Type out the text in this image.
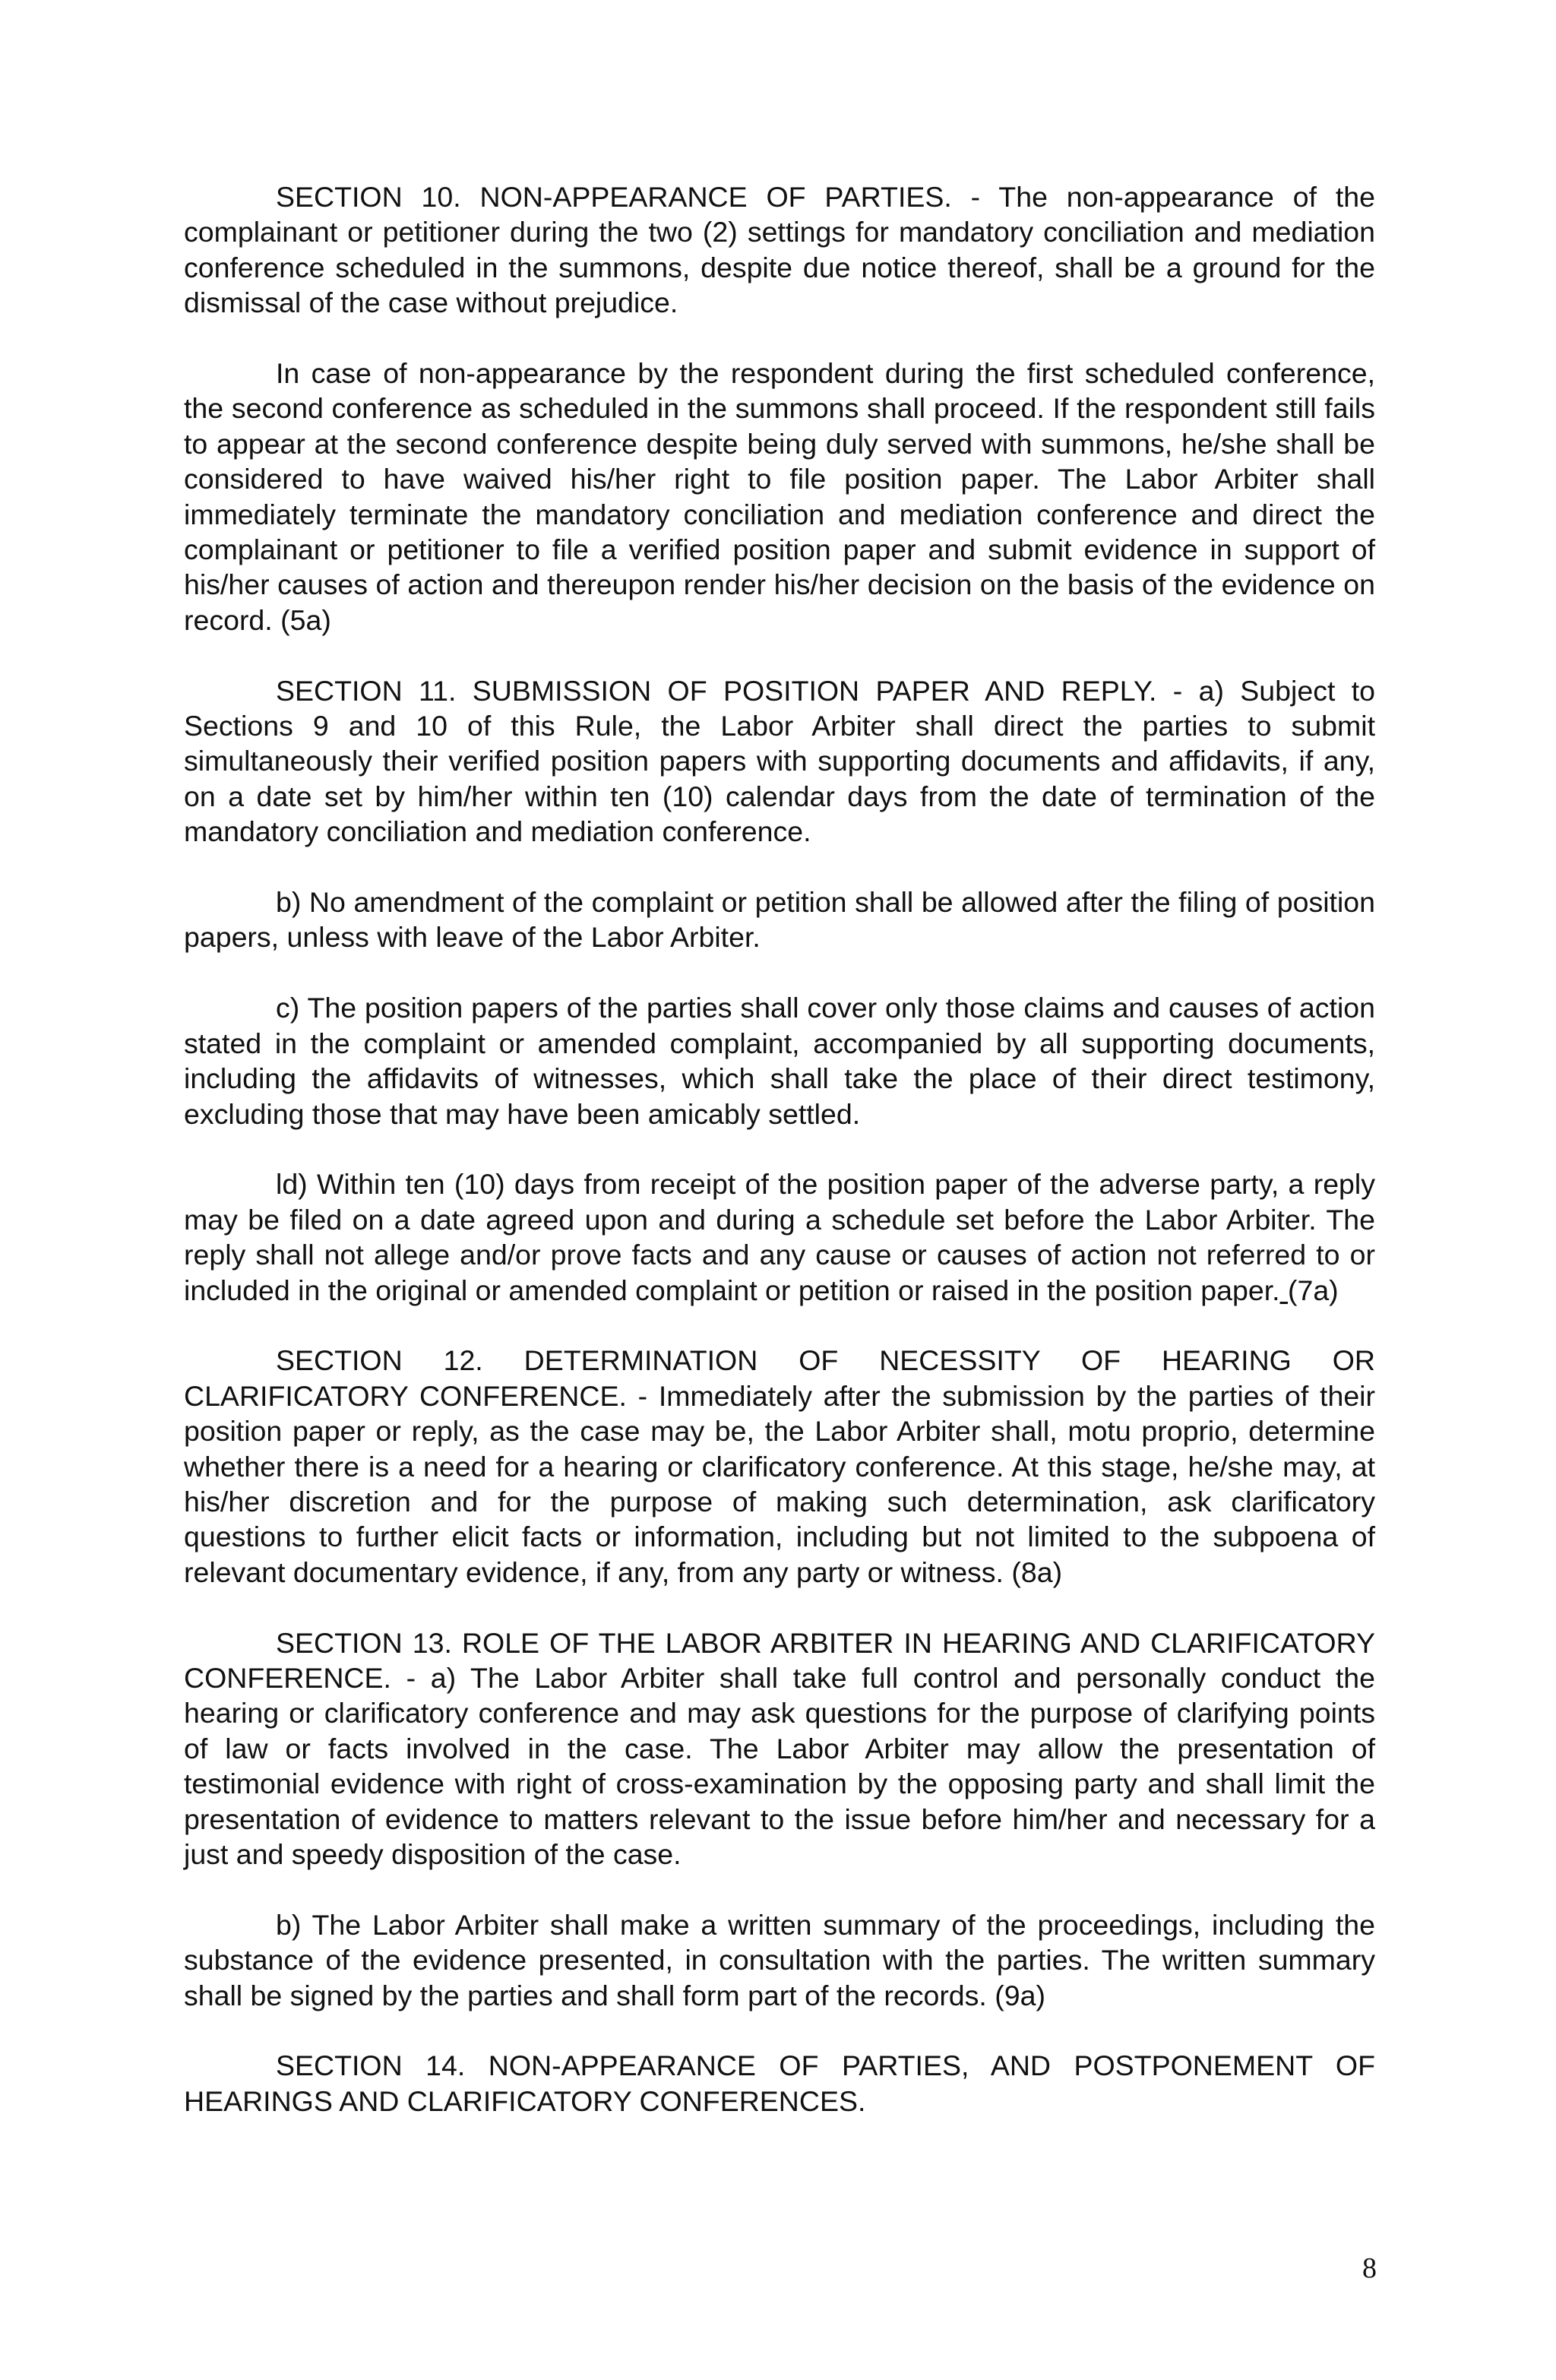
SECTION 10. NON-APPEARANCE OF PARTIES. - The non-appearance of the complainant or petitioner during the two (2) settings for mandatory conciliation and mediation conference scheduled in the summons, despite due notice thereof, shall be a ground for the dismissal of the case without prejudice.

In case of non-appearance by the respondent during the first scheduled conference, the second conference as scheduled in the summons shall proceed. If the respondent still fails to appear at the second conference despite being duly served with summons, he/she shall be considered to have waived his/her right to file position paper. The Labor Arbiter shall immediately terminate the mandatory conciliation and mediation conference and direct the complainant or petitioner to file a verified position paper and submit evidence in support of his/her causes of action and thereupon render his/her decision on the basis of the evidence on record. (5a)

SECTION 11. SUBMISSION OF POSITION PAPER AND REPLY. - a) Subject to Sections 9 and 10 of this Rule, the Labor Arbiter shall direct the parties to submit simultaneously their verified position papers with supporting documents and affidavits, if any, on a date set by him/her within ten (10) calendar days from the date of termination of the mandatory conciliation and mediation conference.

b) No amendment of the complaint or petition shall be allowed after the filing of position papers, unless with leave of the Labor Arbiter.

c) The position papers of the parties shall cover only those claims and causes of action stated in the complaint or amended complaint, accompanied by all supporting documents, including the affidavits of witnesses, which shall take the place of their direct testimony, excluding those that may have been amicably settled.

ld) Within ten (10) days from receipt of the position paper of the adverse party, a reply may be filed on a date agreed upon and during a schedule set before the Labor Arbiter. The reply shall not allege and/or prove facts and any cause or causes of action not referred to or included in the original or amended complaint or petition or raised in the position paper. (7a)

SECTION 12. DETERMINATION OF NECESSITY OF HEARING OR CLARIFICATORY CONFERENCE. - Immediately after the submission by the parties of their position paper or reply, as the case may be, the Labor Arbiter shall, motu proprio, determine whether there is a need for a hearing or clarificatory conference. At this stage, he/she may, at his/her discretion and for the purpose of making such determination, ask clarificatory questions to further elicit facts or information, including but not limited to the subpoena of relevant documentary evidence, if any, from any party or witness. (8a)

SECTION 13. ROLE OF THE LABOR ARBITER IN HEARING AND CLARIFICATORY CONFERENCE. - a) The Labor Arbiter shall take full control and personally conduct the hearing or clarificatory conference and may ask questions for the purpose of clarifying points of law or facts involved in the case. The Labor Arbiter may allow the presentation of testimonial evidence with right of cross-examination by the opposing party and shall limit the presentation of evidence to matters relevant to the issue before him/her and necessary for a just and speedy disposition of the case.

b) The Labor Arbiter shall make a written summary of the proceedings, including the substance of the evidence presented, in consultation with the parties. The written summary shall be signed by the parties and shall form part of the records. (9a)

SECTION 14. NON-APPEARANCE OF PARTIES, AND POSTPONEMENT OF HEARINGS AND CLARIFICATORY CONFERENCES.

8
